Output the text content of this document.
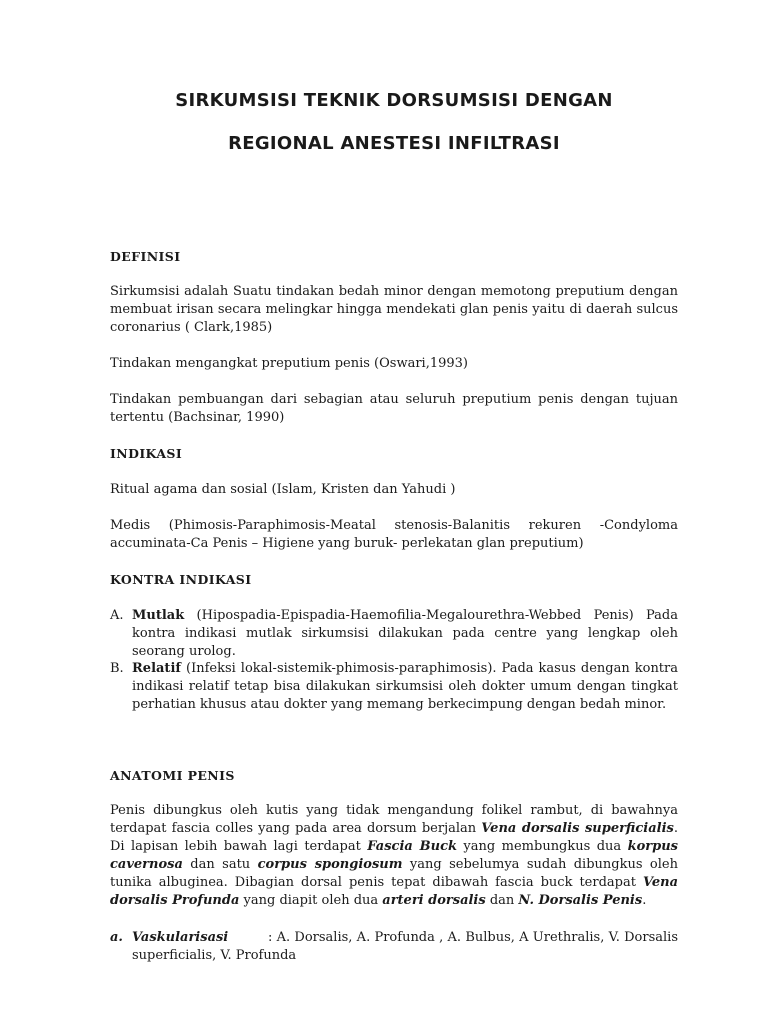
SIRKUMSISI TEKNIK DORSUMSISI DENGAN
REGIONAL ANESTESI INFILTRASI
DEFINISI
Sirkumsisi adalah Suatu tindakan bedah minor dengan memotong preputium dengan membuat irisan secara melingkar hingga mendekati glan penis yaitu di daerah sulcus coronarius ( Clark,1985)
Tindakan mengangkat preputium penis (Oswari,1993)
Tindakan pembuangan dari sebagian atau seluruh preputium penis dengan tujuan tertentu (Bachsinar, 1990)
INDIKASI
Ritual agama dan sosial (Islam, Kristen dan Yahudi )
Medis (Phimosis-Paraphimosis-Meatal stenosis-Balanitis rekuren -Condyloma accuminata-Ca Penis – Higiene yang buruk- perlekatan glan preputium)
KONTRA INDIKASI
A. Mutlak (Hipospadia-Epispadia-Haemofilia-Megalourethra-Webbed Penis) Pada kontra indikasi mutlak sirkumsisi dilakukan pada centre yang lengkap oleh seorang urolog.
B. Relatif (Infeksi lokal-sistemik-phimosis-paraphimosis). Pada kasus dengan kontra indikasi relatif tetap bisa dilakukan sirkumsisi oleh dokter umum dengan tingkat perhatian khusus atau dokter yang memang berkecimpung dengan bedah minor.
ANATOMI PENIS
Penis dibungkus oleh kutis yang tidak mengandung folikel rambut, di bawahnya terdapat fascia colles yang pada area dorsum berjalan Vena dorsalis superficialis. Di lapisan lebih bawah lagi terdapat Fascia Buck yang membungkus dua korpus cavernosa dan satu corpus spongiosum yang sebelumya sudah dibungkus oleh tunika albuginea. Dibagian dorsal penis tepat dibawah fascia buck terdapat Vena dorsalis Profunda yang diapit oleh dua arteri dorsalis dan N. Dorsalis Penis.
a. Vaskularisasi	: A. Dorsalis, A. Profunda , A. Bulbus, A Urethralis, V. Dorsalis superficialis, V. Profunda
